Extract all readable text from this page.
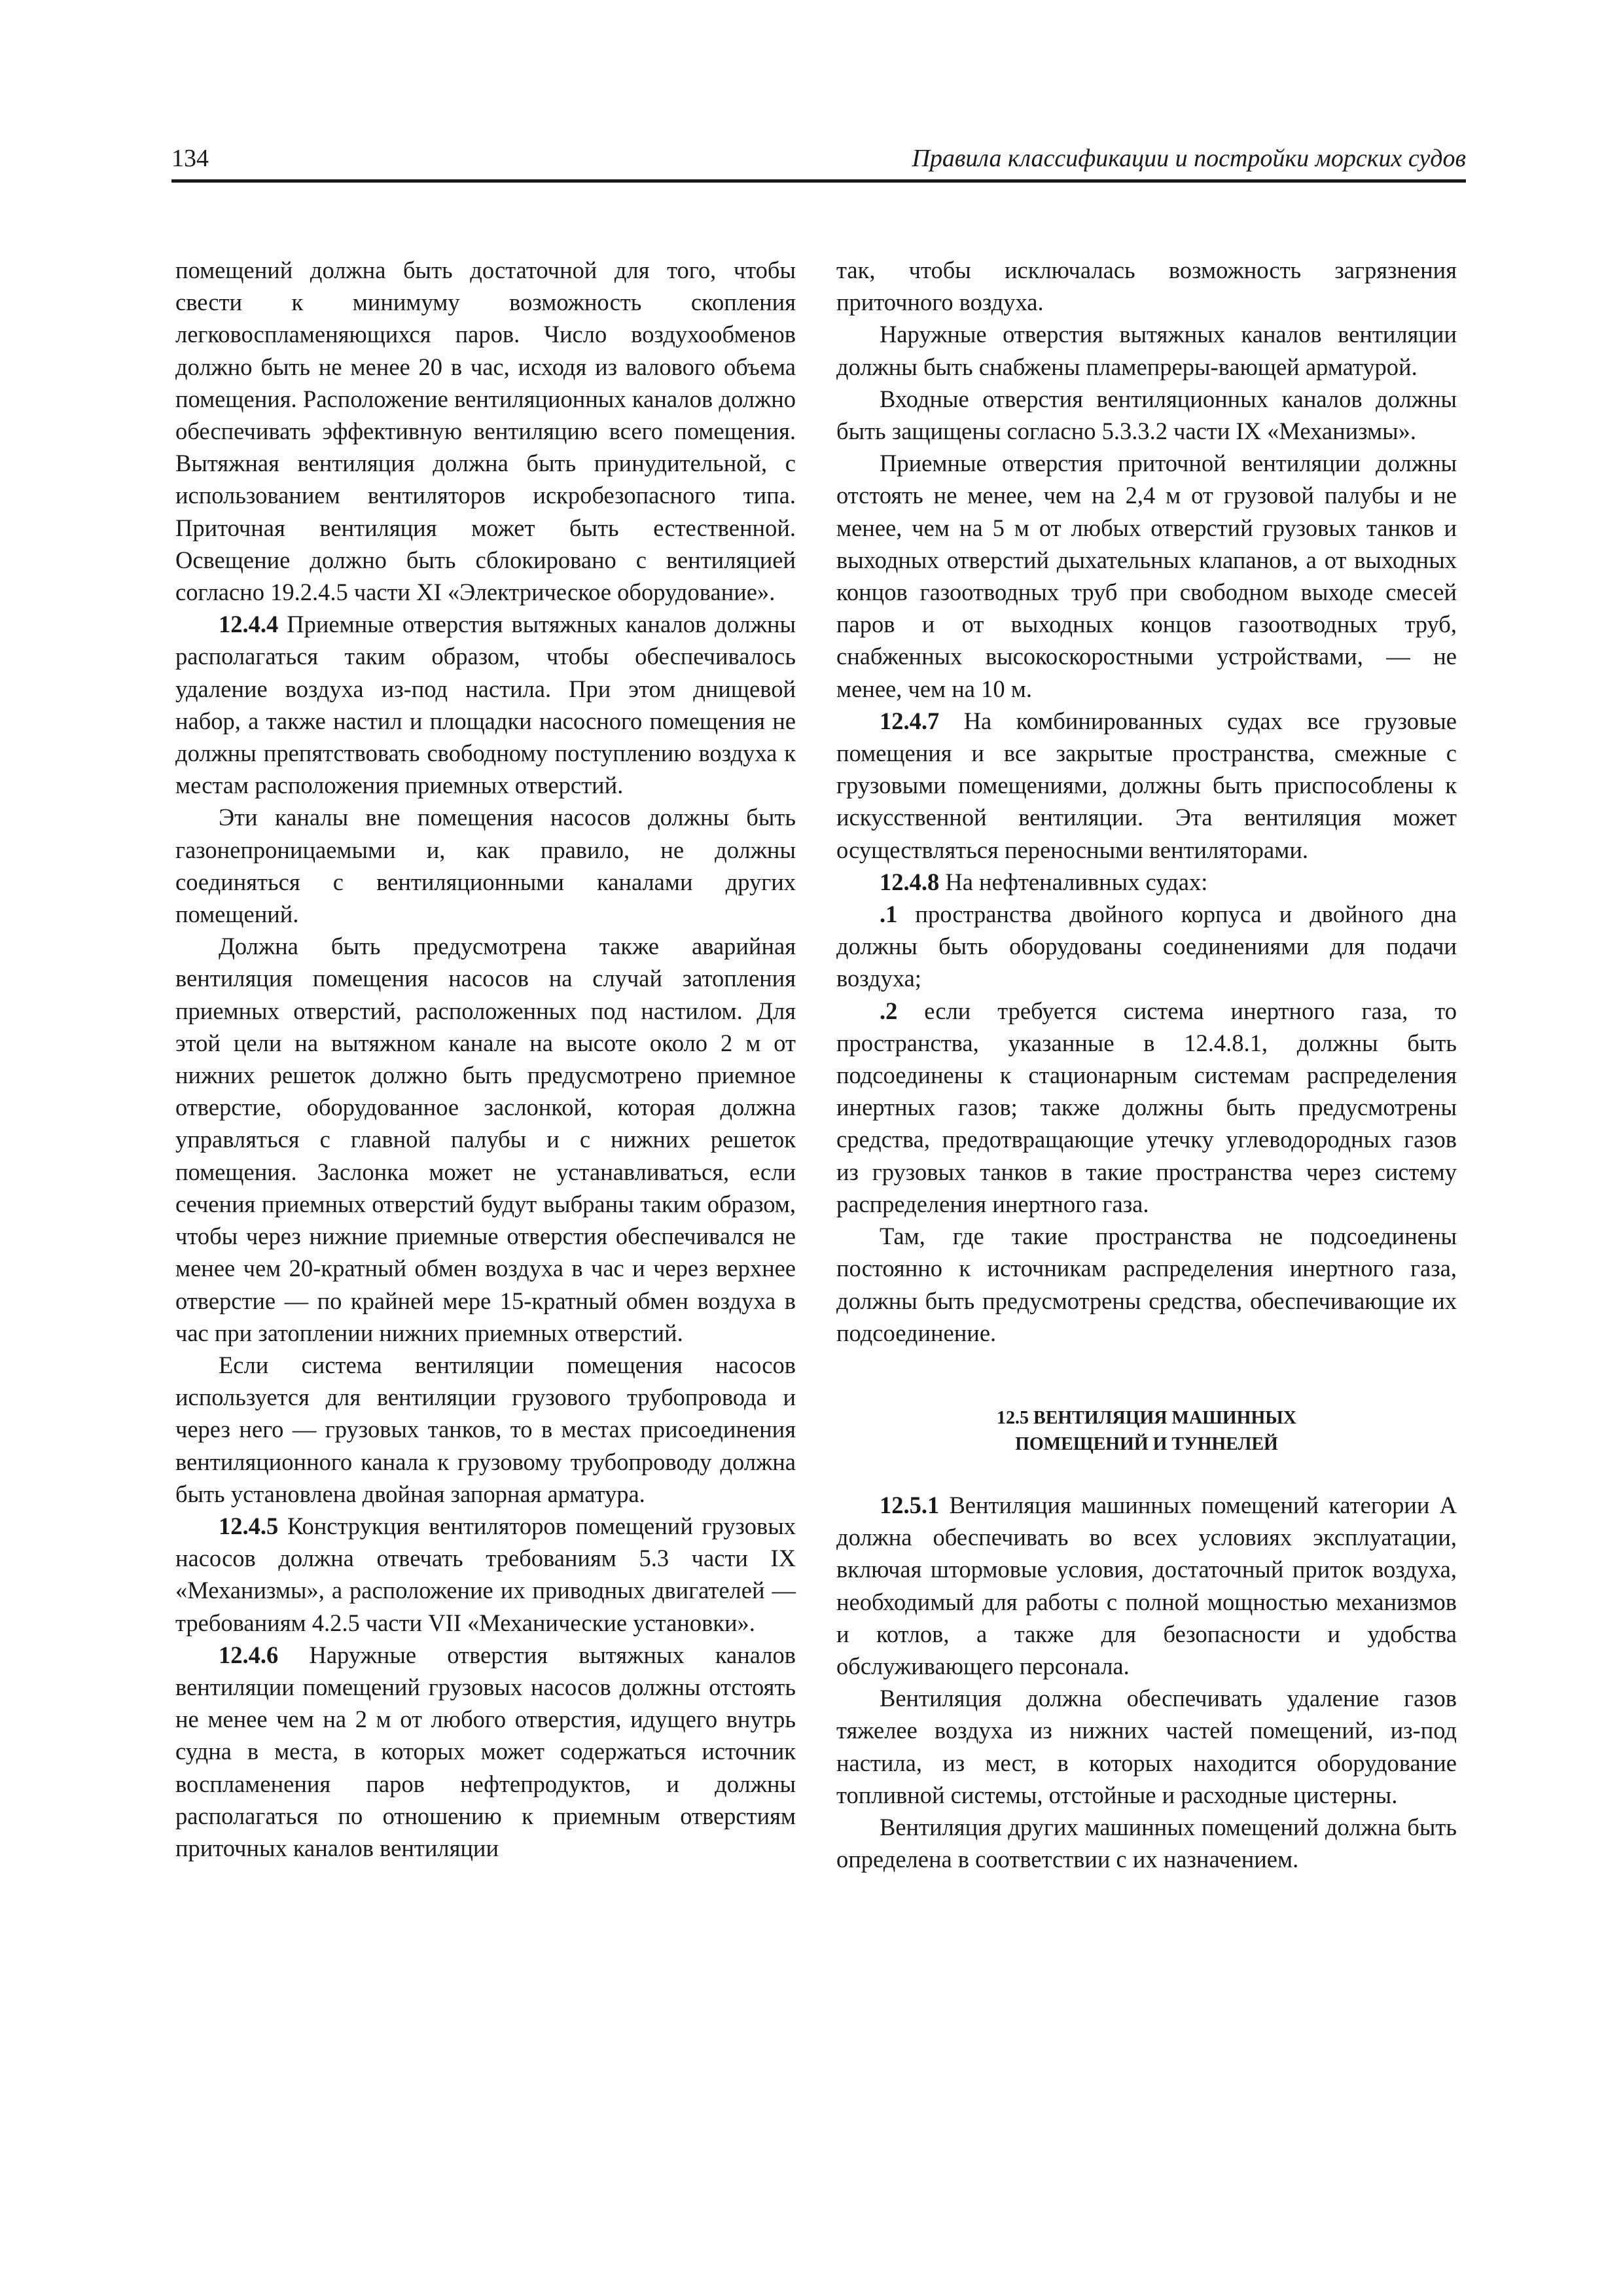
134	Правила классификации и постройки морских судов

помещений должна быть достаточной для того, чтобы свести к минимуму возможность скопления легковоспламеняющихся паров. Число воздухообменов должно быть не менее 20 в час, исходя из валового объема помещения. Расположение вентиляционных каналов должно обеспечивать эффективную вентиляцию всего помещения. Вытяжная вентиляция должна быть принудительной, с использованием вентиляторов искробезопасного типа. Приточная вентиляция может быть естественной. Освещение должно быть сблокировано с вентиляцией согласно 19.2.4.5 части XI «Электрическое оборудование».

12.4.4 Приемные отверстия вытяжных каналов должны располагаться таким образом, чтобы обеспечивалось удаление воздуха из-под настила. При этом днищевой набор, а также настил и площадки насосного помещения не должны препятствовать свободному поступлению воздуха к местам расположения приемных отверстий.

Эти каналы вне помещения насосов должны быть газонепроницаемыми и, как правило, не должны соединяться с вентиляционными каналами других помещений.

Должна быть предусмотрена также аварийная вентиляция помещения насосов на случай затопления приемных отверстий, расположенных под настилом. Для этой цели на вытяжном канале на высоте около 2 м от нижних решеток должно быть предусмотрено приемное отверстие, оборудованное заслонкой, которая должна управляться с главной палубы и с нижних решеток помещения. Заслонка может не устанавливаться, если сечения приемных отверстий будут выбраны таким образом, чтобы через нижние приемные отверстия обеспечивался не менее чем 20-кратный обмен воздуха в час и через верхнее отверстие — по крайней мере 15-кратный обмен воздуха в час при затоплении нижних приемных отверстий.

Если система вентиляции помещения насосов используется для вентиляции грузового трубопровода и через него — грузовых танков, то в местах присоединения вентиляционного канала к грузовому трубопроводу должна быть установлена двойная запорная арматура.

12.4.5 Конструкция вентиляторов помещений грузовых насосов должна отвечать требованиям 5.3 части IX «Механизмы», а расположение их приводных двигателей — требованиям 4.2.5 части VII «Механические установки».

12.4.6 Наружные отверстия вытяжных каналов вентиляции помещений грузовых насосов должны отстоять не менее чем на 2 м от любого отверстия, идущего внутрь судна в места, в которых может содержаться источник воспламенения паров нефтепродуктов, и должны располагаться по отношению к приемным отверстиям приточных каналов вентиляции

так, чтобы исключалась возможность загрязнения приточного воздуха.

Наружные отверстия вытяжных каналов вентиляции должны быть снабжены пламепреры-вающей арматурой.

Входные отверстия вентиляционных каналов должны быть защищены согласно 5.3.3.2 части IX «Механизмы».

Приемные отверстия приточной вентиляции должны отстоять не менее, чем на 2,4 м от грузовой палубы и не менее, чем на 5 м от любых отверстий грузовых танков и выходных отверстий дыхательных клапанов, а от выходных концов газоотводных труб при свободном выходе смесей паров и от выходных концов газоотводных труб, снабженных высокоскоростными устройствами, — не менее, чем на 10 м.

12.4.7 На комбинированных судах все грузовые помещения и все закрытые пространства, смежные с грузовыми помещениями, должны быть приспособлены к искусственной вентиляции. Эта вентиляция может осуществляться переносными вентиляторами.

12.4.8 На нефтеналивных судах:

.1 пространства двойного корпуса и двойного дна должны быть оборудованы соединениями для подачи воздуха;

.2 если требуется система инертного газа, то пространства, указанные в 12.4.8.1, должны быть подсоединены к стационарным системам распределения инертных газов; также должны быть предусмотрены средства, предотвращающие утечку углеводородных газов из грузовых танков в такие пространства через систему распределения инертного газа.

Там, где такие пространства не подсоединены постоянно к источникам распределения инертного газа, должны быть предусмотрены средства, обеспечивающие их подсоединение.

12.5 ВЕНТИЛЯЦИЯ МАШИННЫХ
ПОМЕЩЕНИЙ И ТУННЕЛЕЙ

12.5.1 Вентиляция машинных помещений категории А должна обеспечивать во всех условиях эксплуатации, включая штормовые условия, достаточный приток воздуха, необходимый для работы с полной мощностью механизмов и котлов, а также для безопасности и удобства обслуживающего персонала.

Вентиляция должна обеспечивать удаление газов тяжелее воздуха из нижних частей помещений, из-под настила, из мест, в которых находится оборудование топливной системы, отстойные и расходные цистерны.

Вентиляция других машинных помещений должна быть определена в соответствии с их назначением.
